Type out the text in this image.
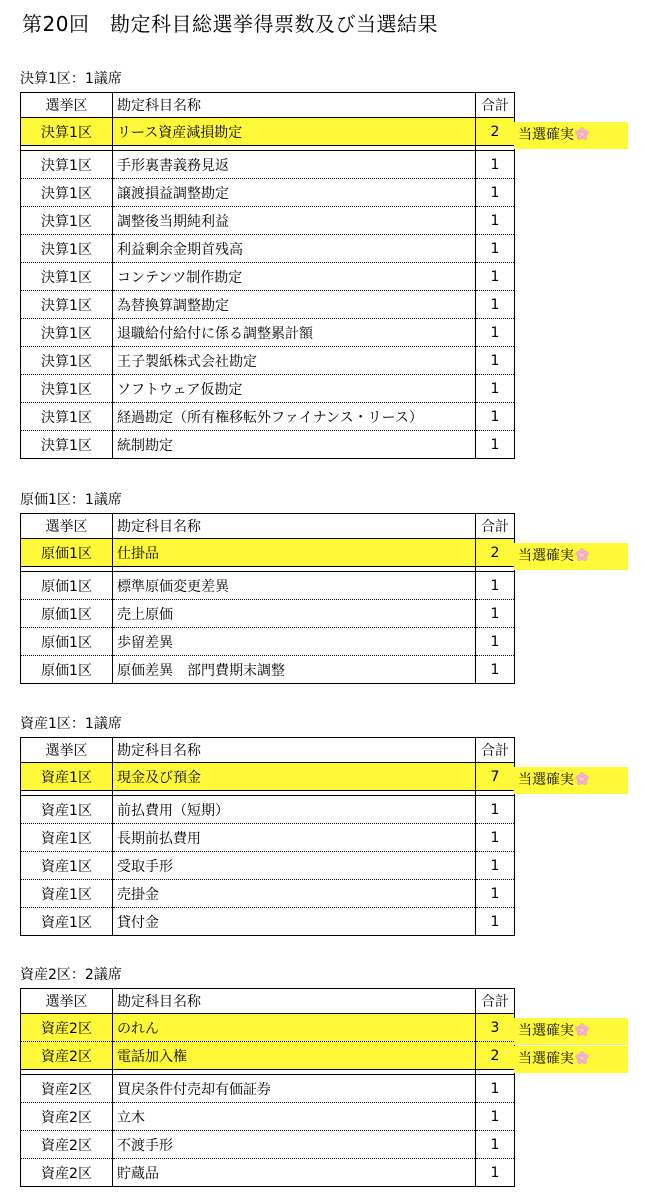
第20回　勘定科目総選挙得票数及び当選結果
決算1区：1議席
選挙区	勘定科目名称	合計
決算1区	リース資産減損勘定	2

決算1区	手形裏書義務見返	1
決算1区	譲渡損益調整勘定	1
決算1区	調整後当期純利益	1
決算1区	利益剰余金期首残高	1
決算1区	コンテンツ制作勘定	1
決算1区	為替換算調整勘定	1
決算1区	退職給付給付に係る調整累計額	1
決算1区	王子製紙株式会社勘定	1
決算1区	ソフトウェア仮勘定	1
決算1区	経過勘定（所有権移転外ファイナンス・リース）	1
決算1区	統制勘定	1
当選確実
原価1区：1議席
選挙区	勘定科目名称	合計
原価1区	仕掛品	2

原価1区	標準原価変更差異	1
原価1区	売上原価	1
原価1区	歩留差異	1
原価1区	原価差異　部門費期末調整	1
当選確実
資産1区：1議席
選挙区	勘定科目名称	合計
資産1区	現金及び預金	7

資産1区	前払費用（短期）	1
資産1区	長期前払費用	1
資産1区	受取手形	1
資産1区	売掛金	1
資産1区	貸付金	1
当選確実
資産2区：2議席
選挙区	勘定科目名称	合計
資産2区	のれん	3
資産2区	電話加入権	2

資産2区	買戻条件付売却有価証券	1
資産2区	立木	1
資産2区	不渡手形	1
資産2区	貯蔵品	1
当選確実
当選確実
